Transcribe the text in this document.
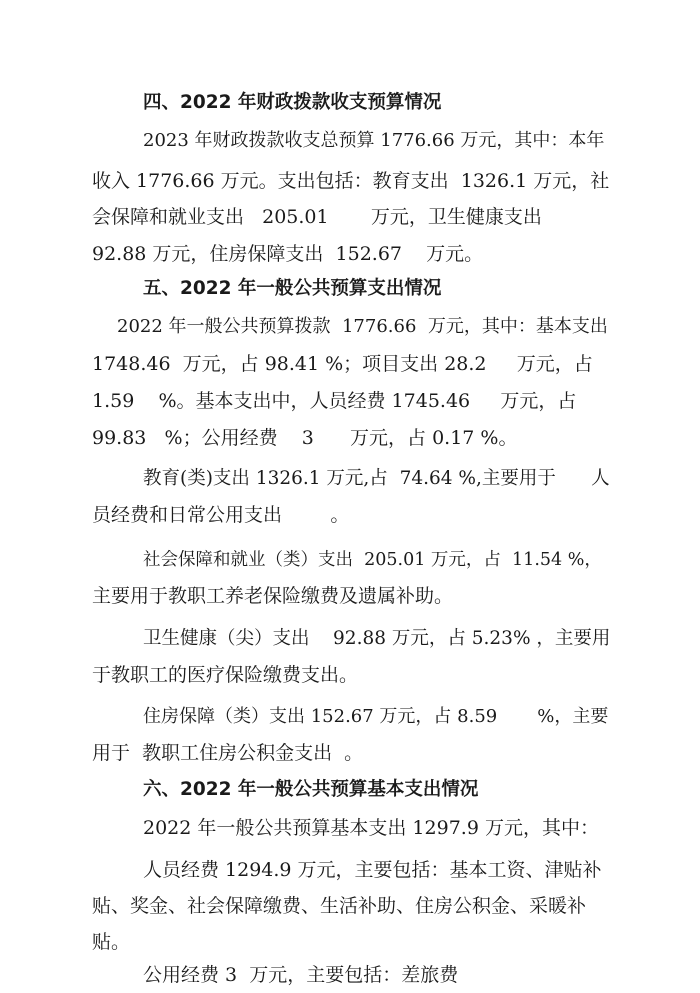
四、2022 年财政拨款收支预算情况
2023 年财政拨款收支总预算 1776.66 万元，其中：本年
收入 1776.66 万元。支出包括：教育支出  1326.1 万元，社
会保障和就业支出   205.01       万元，卫生健康支出
92.88 万元，住房保障支出  152.67    万元。
五、2022 年一般公共预算支出情况
2022 年一般公共预算拨款  1776.66  万元，其中：基本支出
1748.46  万元，占 98.41 %；项目支出 28.2     万元，占
1.59    %。基本支出中，人员经费 1745.46     万元，占
99.83   %；公用经费    3      万元，占 0.17 %。
教育(类)支出 1326.1 万元,占  74.64 %,主要用于      人
员经费和日常公用支出        。
社会保障和就业（类）支出  205.01 万元，占  11.54 %，
主要用于教职工养老保险缴费及遗属补助。
卫生健康（尖）支出    92.88 万元，占 5.23% ，主要用
于教职工的医疗保险缴费支出。
住房保障（类）支出 152.67 万元，占 8.59       %，主要
用于  教职工住房公积金支出  。
六、2022 年一般公共预算基本支出情况
2022 年一般公共预算基本支出 1297.9 万元，其中：
人员经费 1294.9 万元，主要包括：基本工资、津贴补
贴、奖金、社会保障缴费、生活补助、住房公积金、采暖补
贴。
公用经费 3  万元，主要包括：差旅费
